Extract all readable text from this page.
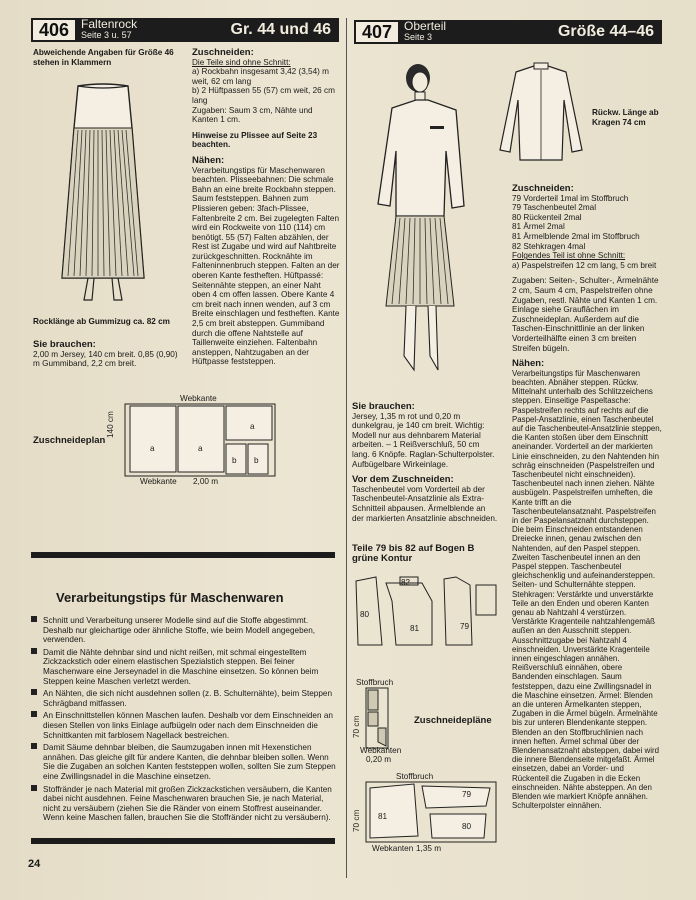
406	Faltenrock
Seite 3 u. 57	Gr. 44 und 46	407	Oberteil
Seite 3	Größe 44–46
Abweichende Angaben für Größe 46 stehen in Klammern
Rocklänge ab Gummizug ca. 82 cm

Sie brauchen:

2,00 m Jersey, 140 cm breit. 0,85 (0,90) m Gummiband, 2,2 cm breit.

Zuschneiden:

Die Teile sind ohne Schnitt:

a) Rockbahn insgesamt 3,42 (3,54) m weit, 62 cm lang

b) 2 Hüftpassen 55 (57) cm weit, 26 cm lang

Zugaben: Saum 3 cm, Nähte und Kanten 1 cm.

Hinweise zu Plissee auf Seite 23 beachten.

Nähen:

Verarbeitungstips für Maschenwaren beachten. Plisseebahnen: Die schmale Bahn an eine breite Rockbahn steppen. Saum feststeppen. Bahnen zum Plissieren geben: 3fach-Plissee, Faltenbreite 2 cm. Bei zugelegten Falten wird ein Rockweite von 110 (114) cm benötigt. 55 (57) Falten abzählen, der Rest ist Zugabe und wird auf Nahtbreite zurückgeschnitten. Rocknähte im Falteninnenbruch steppen. Falten an der oberen Kante festheften. Hüftpassé: Seitennähte steppen, an einer Naht oben 4 cm offen lassen. Obere Kante 4 cm breit nach innen wenden, auf 3 cm Breite einschlagen und festheften. Kante 2,5 cm breit absteppen. Gummiband durch die offene Nahtstelle auf Taillenweite einziehen. Faltenbahn ansteppen, Nahtzugaben an der Hüftpasse feststeppen.

Zuschneideplan
Webkante
a	a
a
b b
140 cm
Webkante 2,00 m
Verarbeitungstips für Maschenwaren
Schnitt und Verarbeitung unserer Modelle sind auf die Stoffe abgestimmt. Deshalb nur gleichartige oder ähnliche Stoffe, wie beim Modell angegeben, verwenden.
Damit die Nähte dehnbar sind und nicht reißen, mit schmal eingestelltem Zickzackstich oder einem elastischen Spezialstich steppen. Bei feiner Maschenware eine Jerseynadel in die Maschine einsetzen. So können beim Steppen keine Maschen verletzt werden.
An Nähten, die sich nicht ausdehnen sollen (z. B. Schulternähte), beim Steppen Schrägband mitfassen.
An Einschnittstellen können Maschen laufen. Deshalb vor dem Einschneiden an diesen Stellen von links Einlage aufbügeln oder nach dem Einschneiden die Schnittkanten mit farblosem Nagellack bestreichen.
Damit Säume dehnbar bleiben, die Saumzugaben innen mit Hexenstichen annähen. Das gleiche gilt für andere Kanten, die dehnbar bleiben sollen. Wenn Sie die Zugaben an solchen Kanten feststeppen wollen, sollten Sie zum Steppen eine Zwillingsnadel in die Maschine einsetzen.
Stoffränder je nach Material mit großen Zickzackstichen versäubern, die Kanten dabei nicht ausdehnen. Feine Maschenwaren brauchen Sie, je nach Material, nicht zu versäubern (ziehen Sie die Ränder von einem Stoffrest auseinander. Wenn keine Maschen fallen, brauchen Sie die Stoffränder nicht zu versäubern).
24
Rückw. Länge ab Kragen 74 cm

Zuschneiden:

79 Vorderteil 1mal im Stoffbruch

79 Taschenbeutel 2mal

80 Rückenteil 2mal

81 Ärmel 2mal

81 Ärmelblende 2mal im Stoffbruch

82 Stehkragen 4mal

Folgendes Teil ist ohne Schnitt:

a) Paspelstreifen 12 cm lang, 5 cm breit

Zugaben: Seiten-, Schulter-, Ärmelnähte 2 cm, Saum 4 cm, Paspelstreifen ohne Zugaben, restl. Nähte und Kanten 1 cm.

Einlage siehe Grauflächen im Zuschneideplan. Außerdem auf die Taschen-Einschnittlinie an der linken Vorderteilhälfte einen 3 cm breiten Streifen bügeln.

Nähen:

Verarbeitungstips für Maschenwaren beachten. Abnäher steppen. Rückw. Mittelnaht unterhalb des Schlitzzeichens steppen. Einseitige Paspeltasche: Paspelstreifen rechts auf rechts auf die Paspel-Ansatzlinie, einen Taschenbeutel auf die Taschenbeutel-Ansatzlinie steppen, die Kanten stoßen über dem Einschnitt aneinander. Vorderteil an der markierten Linie einschneiden, zu den Nahtenden hin schräg einschneiden (Paspelstreifen und Taschenbeutel nicht einschneiden). Taschenbeutel nach innen ziehen. Nähte ausbügeln. Paspelstreifen umheften, die Kante trifft an die Taschenbeutelansatznaht. Paspelstreifen in der Paspelansatznaht durchsteppen. Die beim Einschneiden entstandenen Dreiecke innen, genau zwischen den Nahtenden, auf den Paspel steppen. Zweiten Taschenbeutel innen an den Paspel steppen. Taschenbeutel gleichschenklig und aufeinandersteppen. Seiten- und Schulternähte steppen. Stehkragen: Verstärkte und unverstärkte Teile an den Enden und oberen Kanten genau ab Nahtzahl 4 verstürzen. Verstärkte Kragenteile nahtzahlengemäß außen an den Ausschnitt steppen. Ausschnittzugabe bei Nahtzahl 4 einschneiden. Unverstärkte Kragenteile innen eingeschlagen annähen. Reißverschluß einnähen, obere Bandenden einschlagen. Saum feststeppen, dazu eine Zwillingsnadel in die Maschine einsetzen. Ärmel: Blenden an die unteren Ärmelkanten steppen, Zugaben in die Ärmel bügeln. Ärmelnähte bis zur unteren Blendenkante steppen. Blenden an den Stoffbruchlinien nach innen heften. Ärmel schmal über der Blendenansatznaht absteppen, dabei wird die innere Blendenseite mitgefaßt. Ärmel einsetzen, dabei an Vorder- und Rückenteil die Zugaben in die Ecken einschneiden. Nähte absteppen. An den Blenden wie markiert Knöpfe annähen. Schulterpolster einnähen.

Sie brauchen:

Jersey, 1,35 m rot und 0,20 m dunkelgrau, je 140 cm breit. Wichtig: Modell nur aus dehnbarem Material arbeiten. – 1 Reißverschluß, 50 cm lang. 6 Knöpfe. Raglan-Schulterpolster. Aufbügelbare Wirkeinlage.

Vor dem Zuschneiden:

Taschenbeutel vom Vorderteil ab der Taschenbeutel-Ansatzlinie als Extra-Schnitteil abpausen. Ärmelblende an der markierten Ansatzlinie abschneiden.

Teile 79 bis 82 auf Bogen B grüne Kontur
82
80
81	79
Stoffbruch
70 cm
Webkanten
0,20 m
Zuschneidepläne
Stoffbruch
81
79
80
70 cm
Webkanten 1,35 m
